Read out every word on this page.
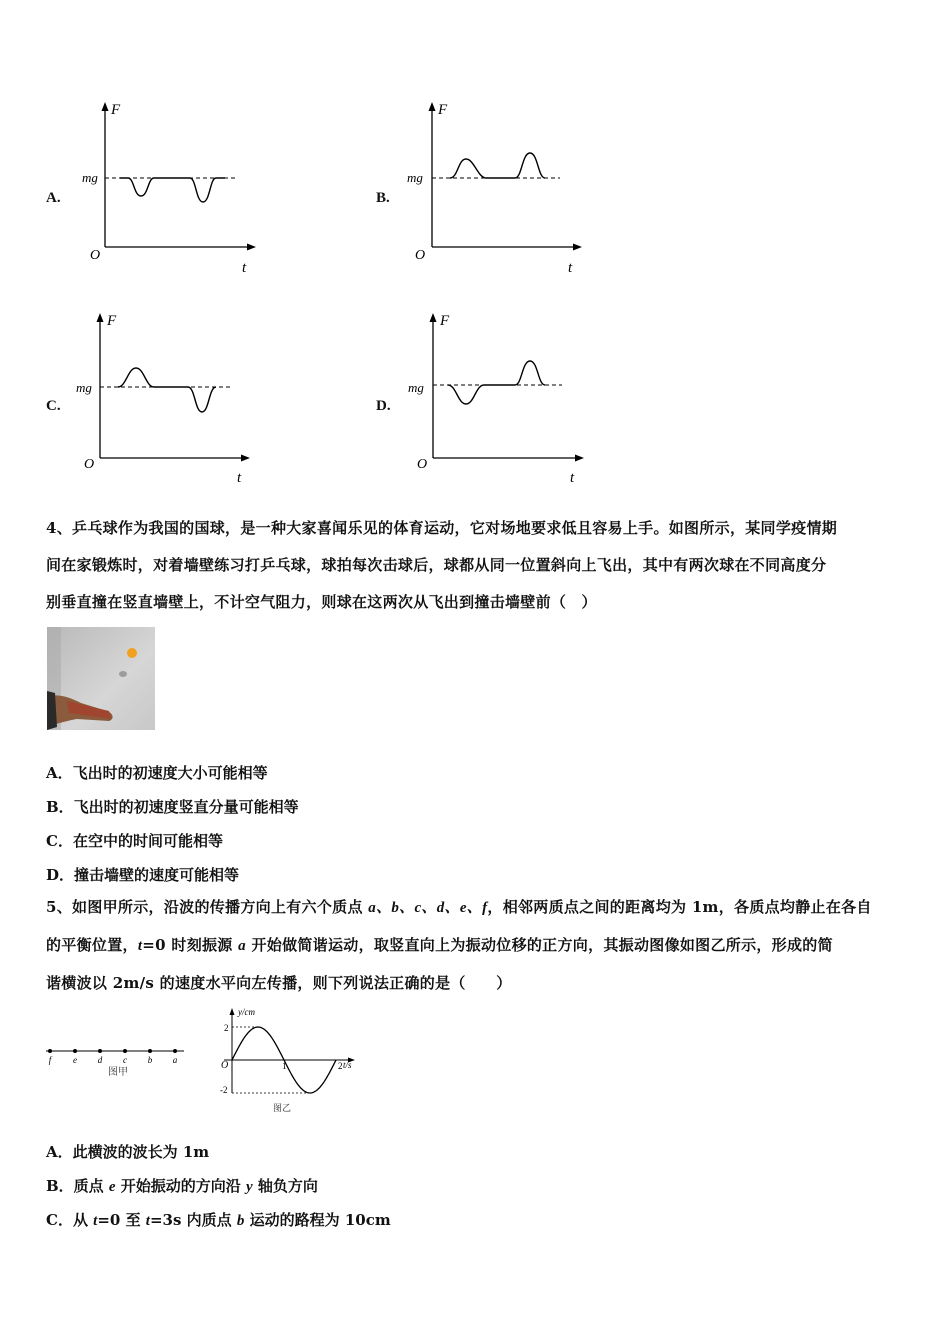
A.
F
mg
O
t
B.
F
mg
O
t
C.
F
mg
O
t
D.
F
mg
O
t
4、乒乓球作为我国的国球，是一种大家喜闻乐见的体育运动，它对场地要求低且容易上手。如图所示，某同学疫情期
间在家锻炼时，对着墙壁练习打乒乓球，球拍每次击球后，球都从同一位置斜向上飞出，其中有两次球在不同高度分
别垂直撞在竖直墙壁上，不计空气阻力，则球在这两次从飞出到撞击墙壁前（　）
A．飞出时的初速度大小可能相等
B．飞出时的初速度竖直分量可能相等
C．在空中的时间可能相等
D．撞击墙壁的速度可能相等
5、如图甲所示，沿波的传播方向上有六个质点 a、b、c、d、e、f，相邻两质点之间的距离均为 1m，各质点均静止在各自
的平衡位置，t=0 时刻振源 a 开始做简谐运动，取竖直向上为振动位移的正方向，其振动图像如图乙所示，形成的简
谐横波以 2m/s 的速度水平向左传播，则下列说法正确的是（　　）
f e d c b a
图甲
y/cm
t/s
O
2
-2
1	2
图乙
A．此横波的波长为 1m
B．质点 e 开始振动的方向沿 y 轴负方向
C．从 t=0 至 t=3s 内质点 b 运动的路程为 10cm
